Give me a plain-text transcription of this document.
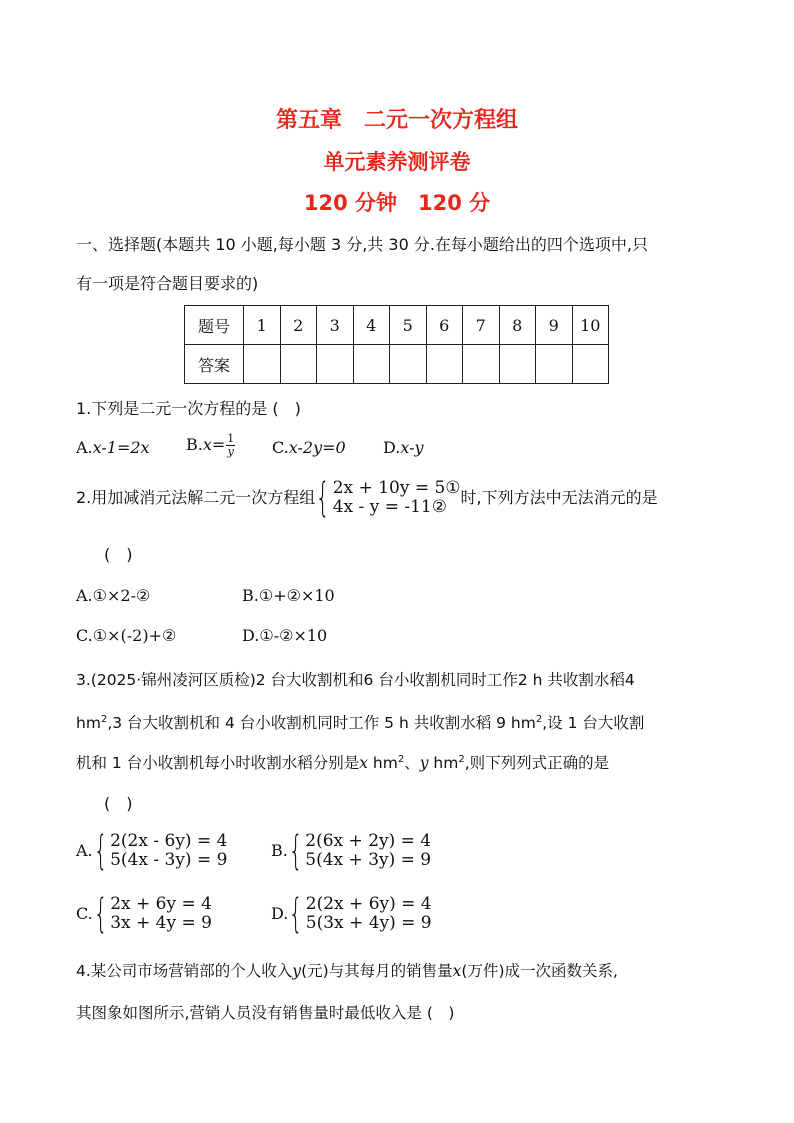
第五章　二元一次方程组
单元素养测评卷
120 分钟　120 分
一、选择题(本题共 10 小题,每小题 3 分,共 30 分.在每小题给出的四个选项中,只
有一项是符合题目要求的)
题号	1	2	3	4	5	6	7	8	9	10
答案										
1.下列是二元一次方程的是 (　)
A.x-1=2x $B.x= \frac{1}{y} C.x-2y=0$ D.x-y
2.用加减消元法解二元一次方程组 { 2x + 10y = 5①
4x - y = -11② 时,下列方法中无法消元的是
(　)
A.①×2-②	B.①+②×10
C.①×(-2)+②	D.①-②×10
3.(2025·锦州凌河区质检)2 台大收割机和6 台小收割机同时工作2 h 共收割水稻4
$hm^2,3$ 台大收割机和 4 台小收割机同时工作 5 h 共收割水稻 9 $hm^2$,设 1 台大收割
机和 1 台小收割机每小时收割水稻分别是x $hm^2$、y $hm^2$,则下列列式正确的是
(　)
A. { 2(2x - 6y) = 4
5(4x - 3y) = 9	B. { 2(6x + 2y) = 4
5(4x + 3y) = 9
C. { 2x + 6y = 4
3x + 4y = 9	D. { 2(2x + 6y) = 4
5(3x + 4y) = 9
4.某公司市场营销部的个人收入y(元)与其每月的销售量x(万件)成一次函数关系,
其图象如图所示,营销人员没有销售量时最低收入是 (　)
